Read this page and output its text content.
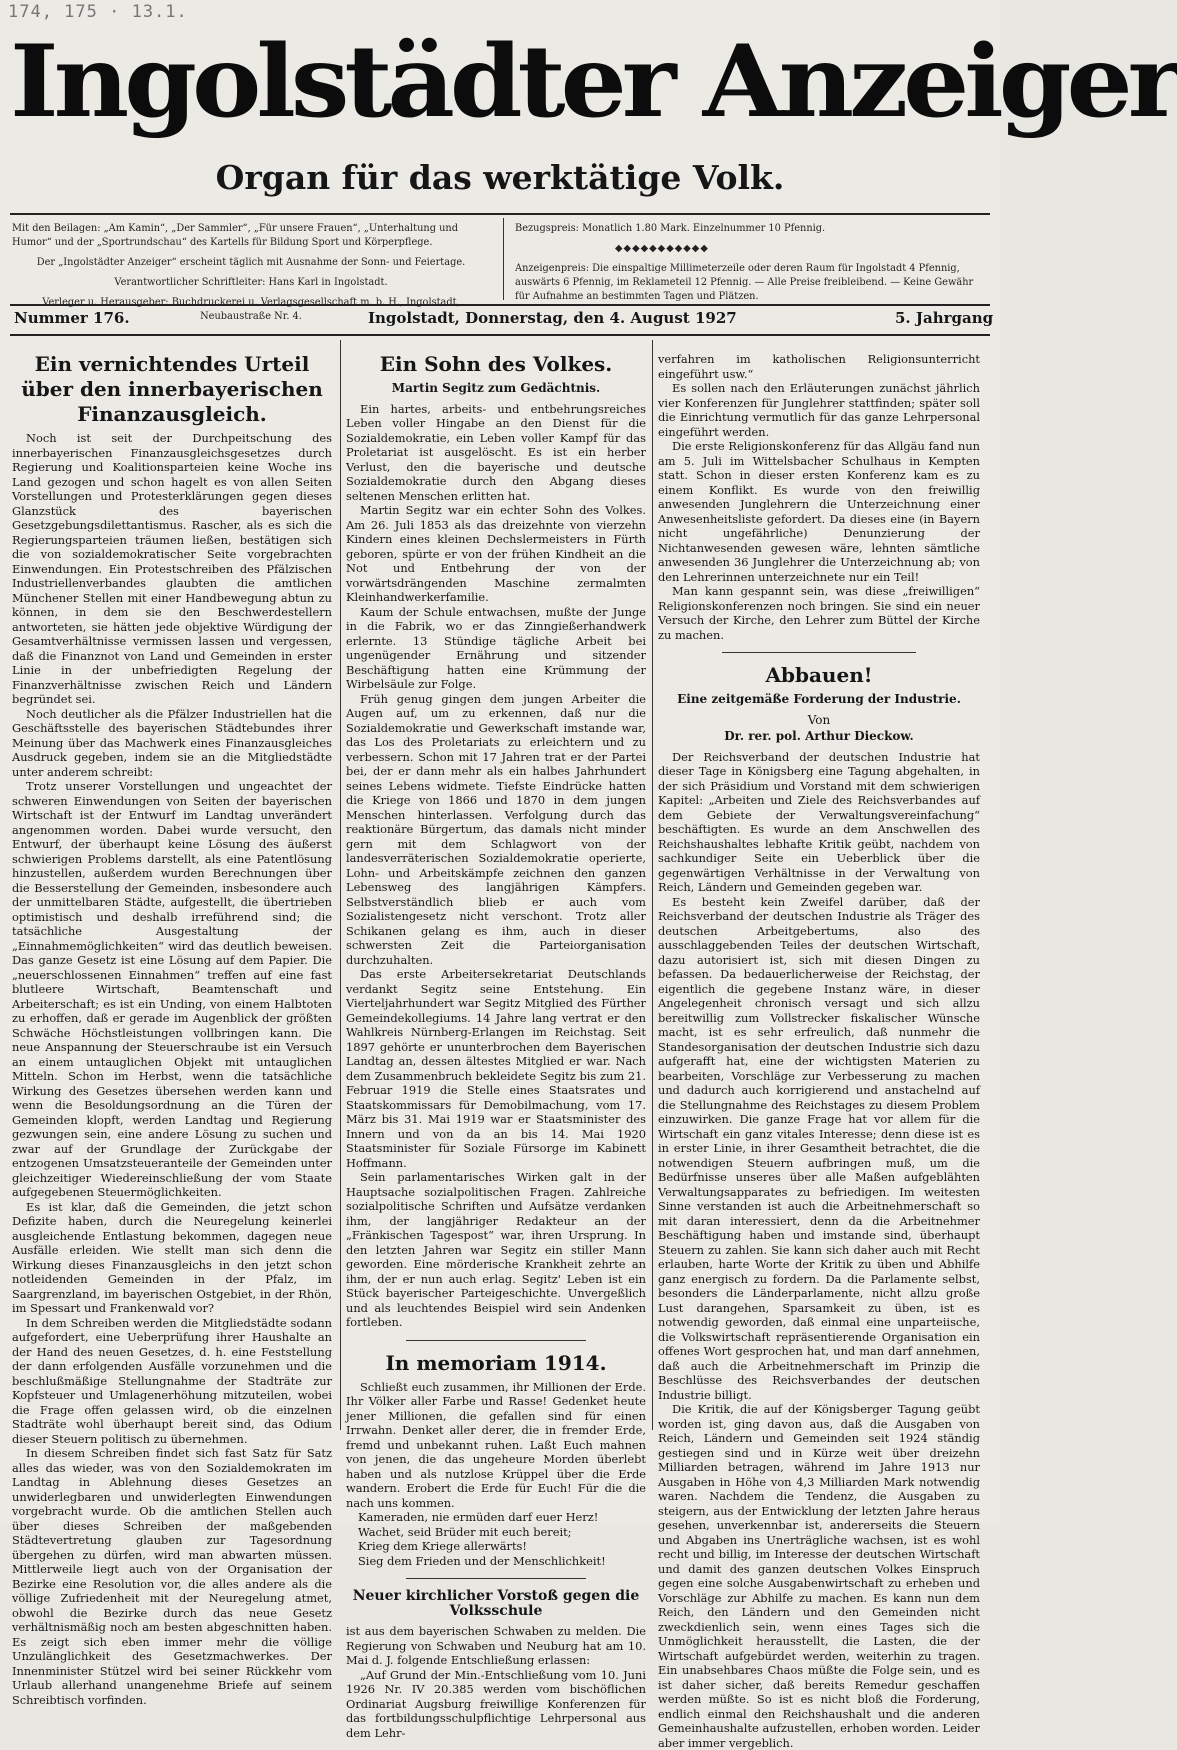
174, 175 · 13.1.
Ingolstädter Anzeiger
Organ für das werktätige Volk.

Mit den Beilagen: „Am Kamin“, „Der Sammler“, „Für unsere Frauen“, „Unterhaltung und Humor“ und der „Sportrundschau“ des Kartells für Bildung Sport und Körperpflege.

Der „Ingolstädter Anzeiger“ erscheint täglich mit Ausnahme der Sonn- und Feiertage.

Verantwortlicher Schriftleiter: Hans Karl in Ingolstadt.

Verleger u. Herausgeber: Buchdruckerei u. Verlagsgesellschaft m. b. H., Ingolstadt, Neubaustraße Nr. 4.

Bezugspreis: Monatlich 1.80 Mark. Einzelnummer 10 Pfennig.

◆◆◆◆◆◆◆◆◆◆◆

Anzeigenpreis: Die einspaltige Millimeterzeile oder deren Raum für Ingolstadt 4 Pfennig, auswärts 6 Pfennig, im Reklameteil 12 Pfennig. — Alle Preise freibleibend. — Keine Gewähr für Aufnahme an bestimmten Tagen und Plätzen.

Nummer 176.	Ingolstadt, Donnerstag, den 4. August 1927	5. Jahrgang
Ein vernichtendes Urteil über den innerbayerischen Finanzausgleich.

Noch ist seit der Durchpeitschung des innerbayerischen Finanzausgleichsgesetzes durch Regierung und Koalitionsparteien keine Woche ins Land gezogen und schon hagelt es von allen Seiten Vorstellungen und Protesterklärungen gegen dieses Glanzstück des bayerischen Gesetzgebungsdilettantismus. Rascher, als es sich die Regierungsparteien träumen ließen, bestätigen sich die von sozialdemokratischer Seite vorgebrachten Einwendungen. Ein Protestschreiben des Pfälzischen Industriellenverbandes glaubten die amtlichen Münchener Stellen mit einer Handbewegung abtun zu können, in dem sie den Beschwerdestellern antworteten, sie hätten jede objektive Würdigung der Gesamtverhältnisse vermissen lassen und vergessen, daß die Finanznot von Land und Gemeinden in erster Linie in der unbefriedigten Regelung der Finanzverhältnisse zwischen Reich und Ländern begründet sei.

Noch deutlicher als die Pfälzer Industriellen hat die Geschäftsstelle des bayerischen Städtebundes ihrer Meinung über das Machwerk eines Finanzausgleiches Ausdruck gegeben, indem sie an die Mitgliedstädte unter anderem schreibt:

Trotz unserer Vorstellungen und ungeachtet der schweren Einwendungen von Seiten der bayerischen Wirtschaft ist der Entwurf im Landtag unverändert angenommen worden. Dabei wurde versucht, den Entwurf, der überhaupt keine Lösung des äußerst schwierigen Problems darstellt, als eine Patentlösung hinzustellen, außerdem wurden Berechnungen über die Besserstellung der Gemeinden, insbesondere auch der unmittelbaren Städte, aufgestellt, die übertrieben optimistisch und deshalb irreführend sind; die tatsächliche Ausgestaltung der „Einnahmemöglichkeiten“ wird das deutlich beweisen. Das ganze Gesetz ist eine Lösung auf dem Papier. Die „neuerschlossenen Einnahmen“ treffen auf eine fast blutleere Wirtschaft, Beamtenschaft und Arbeiterschaft; es ist ein Unding, von einem Halbtoten zu erhoffen, daß er gerade im Augenblick der größten Schwäche Höchstleistungen vollbringen kann. Die neue Anspannung der Steuerschraube ist ein Versuch an einem untauglichen Objekt mit untauglichen Mitteln. Schon im Herbst, wenn die tatsächliche Wirkung des Gesetzes übersehen werden kann und wenn die Besoldungsordnung an die Türen der Gemeinden klopft, werden Landtag und Regierung gezwungen sein, eine andere Lösung zu suchen und zwar auf der Grundlage der Zurückgabe der entzogenen Umsatzsteueranteile der Gemeinden unter gleichzeitiger Wiedereinschließung der vom Staate aufgegebenen Steuermöglichkeiten.

Es ist klar, daß die Gemeinden, die jetzt schon Defizite haben, durch die Neuregelung keinerlei ausgleichende Entlastung bekommen, dagegen neue Ausfälle erleiden. Wie stellt man sich denn die Wirkung dieses Finanzausgleichs in den jetzt schon notleidenden Gemeinden in der Pfalz, im Saargrenzland, im bayerischen Ostgebiet, in der Rhön, im Spessart und Frankenwald vor?

In dem Schreiben werden die Mitgliedstädte sodann aufgefordert, eine Ueberprüfung ihrer Haushalte an der Hand des neuen Gesetzes, d. h. eine Feststellung der dann erfolgenden Ausfälle vorzunehmen und die beschlußmäßige Stellungnahme der Stadträte zur Kopfsteuer und Umlagenerhöhung mitzuteilen, wobei die Frage offen gelassen wird, ob die einzelnen Stadträte wohl überhaupt bereit sind, das Odium dieser Steuern politisch zu übernehmen.

In diesem Schreiben findet sich fast Satz für Satz alles das wieder, was von den Sozialdemokraten im Landtag in Ablehnung dieses Gesetzes an unwiderlegbaren und unwiderlegten Einwendungen vorgebracht wurde. Ob die amtlichen Stellen auch über dieses Schreiben der maßgebenden Städtevertretung glauben zur Tagesordnung übergehen zu dürfen, wird man abwarten müssen. Mittlerweile liegt auch von der Organisation der Bezirke eine Resolution vor, die alles andere als die völlige Zufriedenheit mit der Neuregelung atmet, obwohl die Bezirke durch das neue Gesetz verhältnismäßig noch am besten abgeschnitten haben. Es zeigt sich eben immer mehr die völlige Unzulänglichkeit des Gesetzmachwerkes. Der Innenminister Stützel wird bei seiner Rückkehr vom Urlaub allerhand unangenehme Briefe auf seinem Schreibtisch vorfinden.

Ein Sohn des Volkes.
Martin Segitz zum Gedächtnis.

Ein hartes, arbeits- und entbehrungsreiches Leben voller Hingabe an den Dienst für die Sozialdemokratie, ein Leben voller Kampf für das Proletariat ist ausgelöscht. Es ist ein herber Verlust, den die bayerische und deutsche Sozialdemokratie durch den Abgang dieses seltenen Menschen erlitten hat.

Martin Segitz war ein echter Sohn des Volkes. Am 26. Juli 1853 als das dreizehnte von vierzehn Kindern eines kleinen Dechslermeisters in Fürth geboren, spürte er von der frühen Kindheit an die Not und Entbehrung der von der vorwärtsdrängenden Maschine zermalmten Kleinhandwerkerfamilie.

Kaum der Schule entwachsen, mußte der Junge in die Fabrik, wo er das Zinngießerhandwerk erlernte. 13 Stündige tägliche Arbeit bei ungenügender Ernährung und sitzender Beschäftigung hatten eine Krümmung der Wirbelsäule zur Folge.

Früh genug gingen dem jungen Arbeiter die Augen auf, um zu erkennen, daß nur die Sozialdemokratie und Gewerkschaft imstande war, das Los des Proletariats zu erleichtern und zu verbessern. Schon mit 17 Jahren trat er der Partei bei, der er dann mehr als ein halbes Jahrhundert seines Lebens widmete. Tiefste Eindrücke hatten die Kriege von 1866 und 1870 in dem jungen Menschen hinterlassen. Verfolgung durch das reaktionäre Bürgertum, das damals nicht minder gern mit dem Schlagwort von der landesverräterischen Sozialdemokratie operierte, Lohn- und Arbeitskämpfe zeichnen den ganzen Lebensweg des langjährigen Kämpfers. Selbstverständlich blieb er auch vom Sozialistengesetz nicht verschont. Trotz aller Schikanen gelang es ihm, auch in dieser schwersten Zeit die Parteiorganisation durchzuhalten.

Das erste Arbeitersekretariat Deutschlands verdankt Segitz seine Entstehung. Ein Vierteljahrhundert war Segitz Mitglied des Fürther Gemeindekollegiums. 14 Jahre lang vertrat er den Wahlkreis Nürnberg-Erlangen im Reichstag. Seit 1897 gehörte er ununterbrochen dem Bayerischen Landtag an, dessen ältestes Mitglied er war. Nach dem Zusammenbruch bekleidete Segitz bis zum 21. Februar 1919 die Stelle eines Staatsrates und Staatskommissars für Demobilmachung, vom 17. März bis 31. Mai 1919 war er Staatsminister des Innern und von da an bis 14. Mai 1920 Staatsminister für Soziale Fürsorge im Kabinett Hoffmann.

Sein parlamentarisches Wirken galt in der Hauptsache sozialpolitischen Fragen. Zahlreiche sozialpolitische Schriften und Aufsätze verdanken ihm, der langjähriger Redakteur an der „Fränkischen Tagespost“ war, ihren Ursprung. In den letzten Jahren war Segitz ein stiller Mann geworden. Eine mörderische Krankheit zehrte an ihm, der er nun auch erlag. Segitz' Leben ist ein Stück bayerischer Parteigeschichte. Unvergeßlich und als leuchtendes Beispiel wird sein Andenken fortleben.

In memoriam 1914.

Schließt euch zusammen, ihr Millionen der Erde. Ihr Völker aller Farbe und Rasse! Gedenket heute jener Millionen, die gefallen sind für einen Irrwahn. Denket aller derer, die in fremder Erde, fremd und unbekannt ruhen. Laßt Euch mahnen von jenen, die das ungeheure Morden überlebt haben und als nutzlose Krüppel über die Erde wandern. Erobert die Erde für Euch! Für die die nach uns kommen.

Kameraden, nie ermüden darf euer Herz!

Wachet, seid Brüder mit euch bereit;

Krieg dem Kriege allerwärts!

Sieg dem Frieden und der Menschlichkeit!

Neuer kirchlicher Vorstoß gegen die Volksschule

ist aus dem bayerischen Schwaben zu melden. Die Regierung von Schwaben und Neuburg hat am 10. Mai d. J. folgende Entschließung erlassen:

„Auf Grund der Min.-Entschließung vom 10. Juni 1926 Nr. IV 20.385 werden vom bischöflichen Ordinariat Augsburg freiwillige Konferenzen für das fortbildungsschulpflichtige Lehrpersonal aus dem Lehr-

verfahren im katholischen Religionsunterricht eingeführt usw.“

Es sollen nach den Erläuterungen zunächst jährlich vier Konferenzen für Junglehrer stattfinden; später soll die Einrichtung vermutlich für das ganze Lehrpersonal eingeführt werden.

Die erste Religionskonferenz für das Allgäu fand nun am 5. Juli im Wittelsbacher Schulhaus in Kempten statt. Schon in dieser ersten Konferenz kam es zu einem Konflikt. Es wurde von den freiwillig anwesenden Junglehrern die Unterzeichnung einer Anwesenheitsliste gefordert. Da dieses eine (in Bayern nicht ungefährliche) Denunzierung der Nichtanwesenden gewesen wäre, lehnten sämtliche anwesenden 36 Junglehrer die Unterzeichnung ab; von den Lehrerinnen unterzeichnete nur ein Teil!

Man kann gespannt sein, was diese „freiwilligen“ Religionskonferenzen noch bringen. Sie sind ein neuer Versuch der Kirche, den Lehrer zum Büttel der Kirche zu machen.

Abbauen!
Eine zeitgemäße Forderung der Industrie.
Von
Dr. rer. pol. Arthur Dieckow.

Der Reichsverband der deutschen Industrie hat dieser Tage in Königsberg eine Tagung abgehalten, in der sich Präsidium und Vorstand mit dem schwierigen Kapitel: „Arbeiten und Ziele des Reichsverbandes auf dem Gebiete der Verwaltungsvereinfachung“ beschäftigten. Es wurde an dem Anschwellen des Reichshaushaltes lebhafte Kritik geübt, nachdem von sachkundiger Seite ein Ueberblick über die gegenwärtigen Verhältnisse in der Verwaltung von Reich, Ländern und Gemeinden gegeben war.

Es besteht kein Zweifel darüber, daß der Reichsverband der deutschen Industrie als Träger des deutschen Arbeitgebertums, also des ausschlaggebenden Teiles der deutschen Wirtschaft, dazu autorisiert ist, sich mit diesen Dingen zu befassen. Da bedauerlicherweise der Reichstag, der eigentlich die gegebene Instanz wäre, in dieser Angelegenheit chronisch versagt und sich allzu bereitwillig zum Vollstrecker fiskalischer Wünsche macht, ist es sehr erfreulich, daß nunmehr die Standesorganisation der deutschen Industrie sich dazu aufgerafft hat, eine der wichtigsten Materien zu bearbeiten, Vorschläge zur Verbesserung zu machen und dadurch auch korrigierend und anstachelnd auf die Stellungnahme des Reichstages zu diesem Problem einzuwirken. Die ganze Frage hat vor allem für die Wirtschaft ein ganz vitales Interesse; denn diese ist es in erster Linie, in ihrer Gesamtheit betrachtet, die die notwendigen Steuern aufbringen muß, um die Bedürfnisse unseres über alle Maßen aufgeblähten Verwaltungsapparates zu befriedigen. Im weitesten Sinne verstanden ist auch die Arbeitnehmerschaft so mit daran interessiert, denn da die Arbeitnehmer Beschäftigung haben und imstande sind, überhaupt Steuern zu zahlen. Sie kann sich daher auch mit Recht erlauben, harte Worte der Kritik zu üben und Abhilfe ganz energisch zu fordern. Da die Parlamente selbst, besonders die Länderparlamente, nicht allzu große Lust darangehen, Sparsamkeit zu üben, ist es notwendig geworden, daß einmal eine unparteiische, die Volkswirtschaft repräsentierende Organisation ein offenes Wort gesprochen hat, und man darf annehmen, daß auch die Arbeitnehmerschaft im Prinzip die Beschlüsse des Reichsverbandes der deutschen Industrie billigt.

Die Kritik, die auf der Königsberger Tagung geübt worden ist, ging davon aus, daß die Ausgaben von Reich, Ländern und Gemeinden seit 1924 ständig gestiegen sind und in Kürze weit über dreizehn Milliarden betragen, während im Jahre 1913 nur Ausgaben in Höhe von 4,3 Milliarden Mark notwendig waren. Nachdem die Tendenz, die Ausgaben zu steigern, aus der Entwicklung der letzten Jahre heraus gesehen, unverkennbar ist, andererseits die Steuern und Abgaben ins Unerträgliche wachsen, ist es wohl recht und billig, im Interesse der deutschen Wirtschaft und damit des ganzen deutschen Volkes Einspruch gegen eine solche Ausgabenwirtschaft zu erheben und Vorschläge zur Abhilfe zu machen. Es kann nun dem Reich, den Ländern und den Gemeinden nicht zweckdienlich sein, wenn eines Tages sich die Unmöglichkeit herausstellt, die Lasten, die der Wirtschaft aufgebürdet werden, weiterhin zu tragen. Ein unabsehbares Chaos müßte die Folge sein, und es ist daher sicher, daß bereits Remedur geschaffen werden müßte. So ist es nicht bloß die Forderung, endlich einmal den Reichshaushalt und die anderen Gemeinhaushalte aufzustellen, erhoben worden. Leider aber immer vergeblich.
